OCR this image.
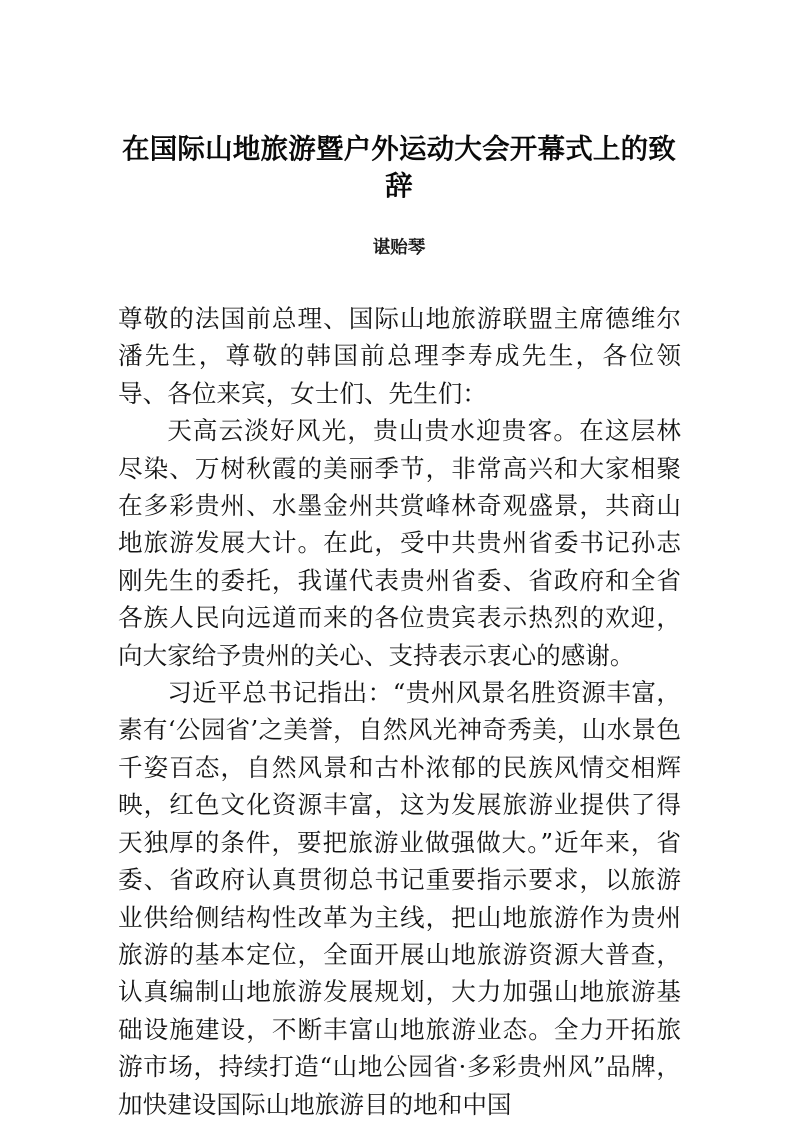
在国际山地旅游暨户外运动大会开幕式上的致辞
谌贻琴

尊敬的法国前总理、国际山地旅游联盟主席德维尔潘先生，尊敬的韩国前总理李寿成先生，各位领导、各位来宾，女士们、先生们：

天高云淡好风光，贵山贵水迎贵客。在这层林尽染、万树秋霞的美丽季节，非常高兴和大家相聚在多彩贵州、水墨金州共赏峰林奇观盛景，共商山地旅游发展大计。在此，受中共贵州省委书记孙志刚先生的委托，我谨代表贵州省委、省政府和全省各族人民向远道而来的各位贵宾表示热烈的欢迎，向大家给予贵州的关心、支持表示衷心的感谢。

习近平总书记指出：“贵州风景名胜资源丰富，素有‘公园省’之美誉，自然风光神奇秀美，山水景色千姿百态，自然风景和古朴浓郁的民族风情交相辉映，红色文化资源丰富，这为发展旅游业提供了得天独厚的条件，要把旅游业做强做大。”近年来，省委、省政府认真贯彻总书记重要指示要求，以旅游业供给侧结构性改革为主线，把山地旅游作为贵州旅游的基本定位，全面开展山地旅游资源大普查，认真编制山地旅游发展规划，大力加强山地旅游基础设施建设，不断丰富山地旅游业态。全力开拓旅游市场，持续打造“山地公园省·多彩贵州风”品牌，加快建设国际山地旅游目的地和中国
